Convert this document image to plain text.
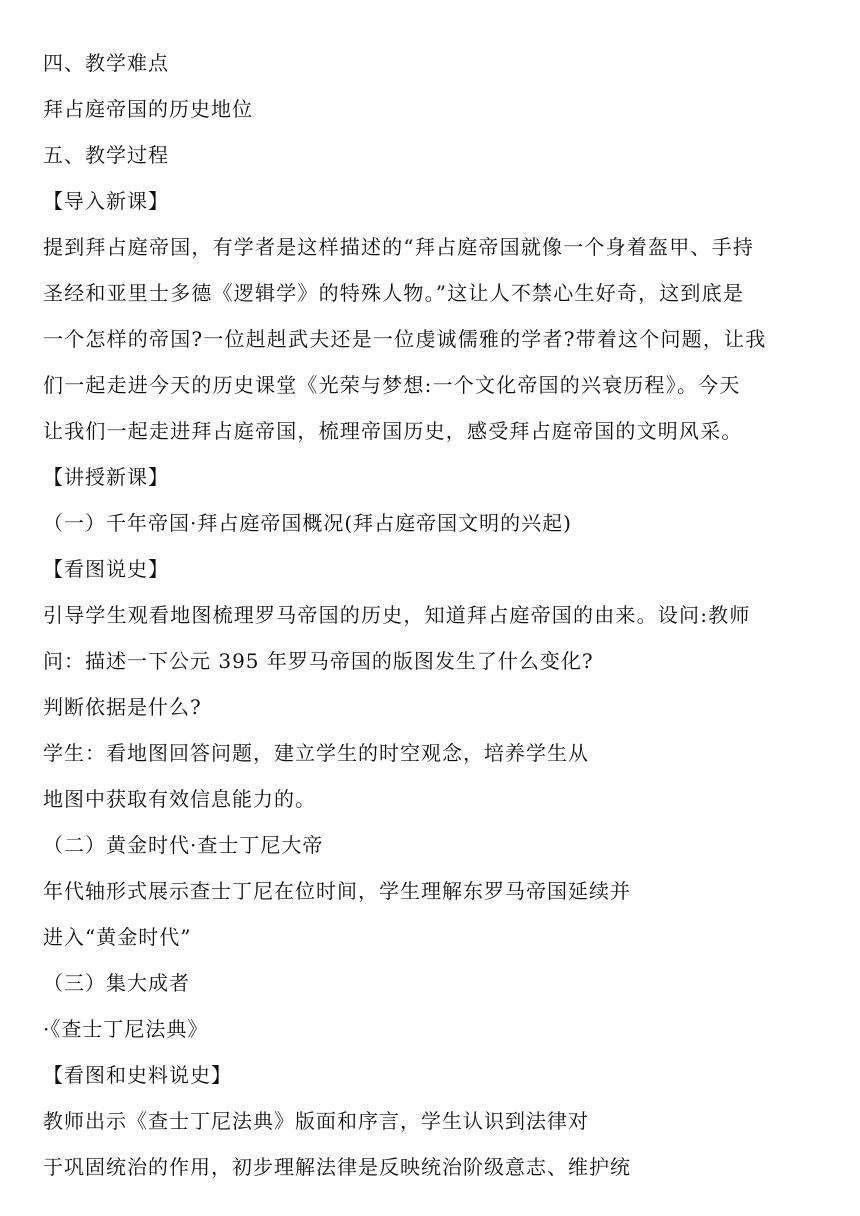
四、教学难点
拜占庭帝国的历史地位
五、教学过程
【导入新课】
提到拜占庭帝国，有学者是这样描述的“拜占庭帝国就像一个身着盔甲、手持
圣经和亚里士多德《逻辑学》的特殊人物。”这让人不禁心生好奇，这到底是
一个怎样的帝国?一位赳赳武夫还是一位虔诚儒雅的学者?带着这个问题，让我
们一起走进今天的历史课堂《光荣与梦想:一个文化帝国的兴衰历程》。今天
让我们一起走进拜占庭帝国，梳理帝国历史，感受拜占庭帝国的文明风采。
【讲授新课】
（一）千年帝国·拜占庭帝国概况(拜占庭帝国文明的兴起)
【看图说史】
引导学生观看地图梳理罗马帝国的历史，知道拜占庭帝国的由来。设问:教师
问：描述一下公元 395 年罗马帝国的版图发生了什么变化?
判断依据是什么?
学生：看地图回答问题，建立学生的时空观念，培养学生从
地图中获取有效信息能力的。
（二）黄金时代·查士丁尼大帝
年代轴形式展示查士丁尼在位时间，学生理解东罗马帝国延续并
进入“黄金时代”
（三）集大成者
·《查士丁尼法典》
【看图和史料说史】
教师出示《查士丁尼法典》版面和序言，学生认识到法律对
于巩固统治的作用，初步理解法律是反映统治阶级意志、维护统
